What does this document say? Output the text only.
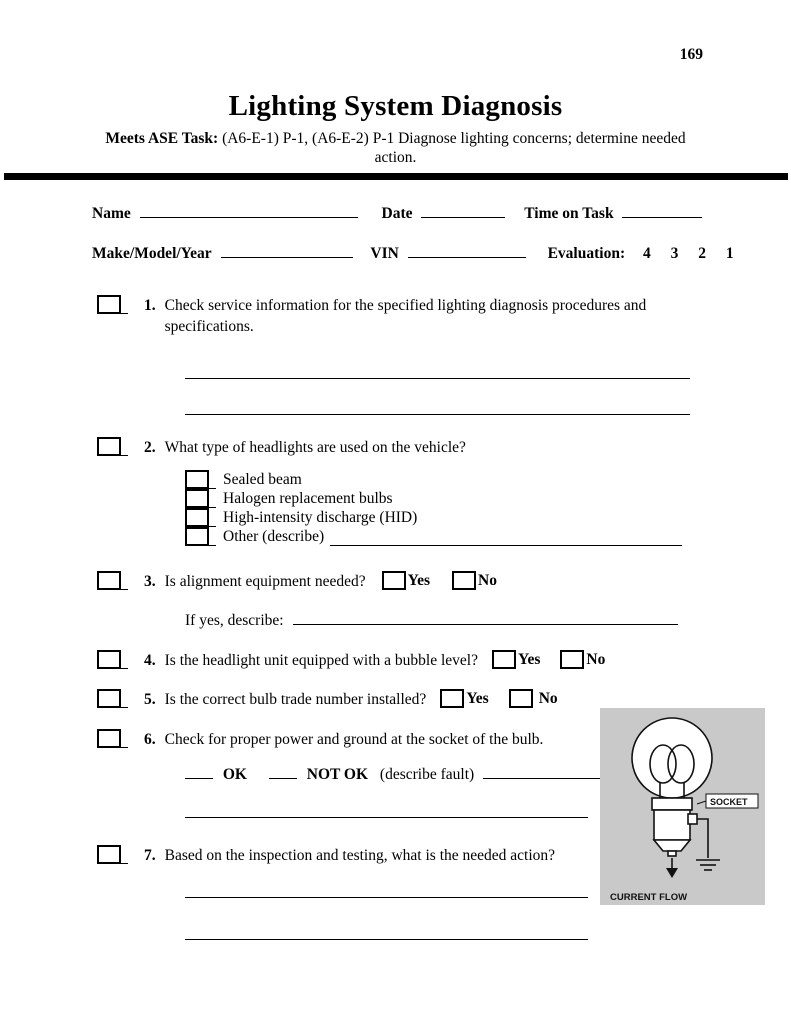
169
Lighting System Diagnosis
Meets ASE Task: (A6-E-1) P-1, (A6-E-2) P-1 Diagnose lighting concerns; determine needed
action.
Name	Date	Time on Task
Make/Model/Year	VIN	Evaluation: 4 3 2 1
1. Check service information for the specified lighting diagnosis procedures and specifications.
2. What type of headlights are used on the vehicle?
Sealed beam
Halogen replacement bulbs
High-intensity discharge (HID)
Other (describe)
3. Is alignment equipment needed?	Yes	No
If yes, describe:
4. Is the headlight unit equipped with a bubble level?	Yes	No
5. Is the correct bulb trade number installed?	Yes	No
6. Check for proper power and ground at the socket of the bulb.
OK	NOT OK (describe fault)
7. Based on the inspection and testing, what is the needed action?
SOCKET
CURRENT FLOW
